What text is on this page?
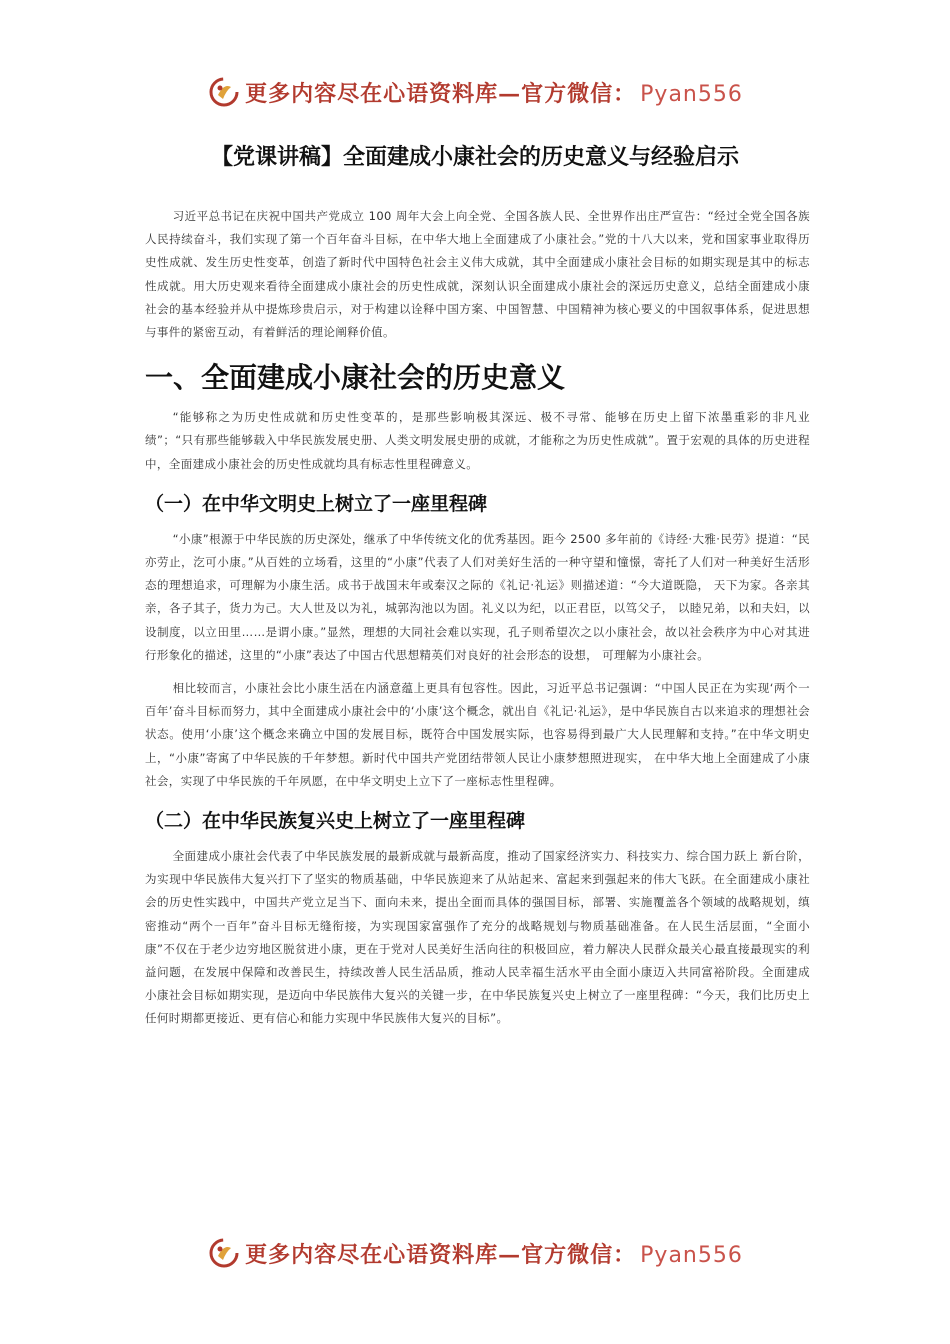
更多内容尽在心语资料库—官方微信： Pyan556
【党课讲稿】全面建成小康社会的历史意义与经验启示

习近平总书记在庆祝中国共产党成立 100 周年大会上向全党、全国各族人民、全世界作出庄严宣告：“经过全党全国各族人民持续奋斗，我们实现了第一个百年奋斗目标，在中华大地上全面建成了小康社会。”党的十八大以来，党和国家事业取得历史性成就、发生历史性变革，创造了新时代中国特色社会主义伟大成就，其中全面建成小康社会目标的如期实现是其中的标志性成就。用大历史观来看待全面建成小康社会的历史性成就，深刻认识全面建成小康社会的深远历史意义，总结全面建成小康社会的基本经验并从中提炼珍贵启示，对于构建以诠释中国方案、中国智慧、中国精神为核心要义的中国叙事体系，促进思想与事件的紧密互动，有着鲜活的理论阐释价值。

一、全面建成小康社会的历史意义

“能够称之为历史性成就和历史性变革的，是那些影响极其深远、极不寻常、能够在历史上留下浓墨重彩的非凡业绩”；“只有那些能够载入中华民族发展史册、人类文明发展史册的成就，才能称之为历史性成就”。置于宏观的具体的历史进程中，全面建成小康社会的历史性成就均具有标志性里程碑意义。

（一）在中华文明史上树立了一座里程碑

“小康”根源于中华民族的历史深处，继承了中华传统文化的优秀基因。距今 2500 多年前的《诗经·大雅·民劳》提道：“民亦劳止，汔可小康。”从百姓的立场看，这里的“小康”代表了人们对美好生活的一种守望和憧憬，寄托了人们对一种美好生活形态的理想追求，可理解为小康生活。成书于战国末年或秦汉之际的《礼记·礼运》则描述道：“今大道既隐， 天下为家。各亲其亲，各子其子，货力为己。大人世及以为礼，城郭沟池以为固。礼义以为纪，以正君臣，以笃父子， 以睦兄弟，以和夫妇，以设制度，以立田里……是谓小康。”显然，理想的大同社会难以实现，孔子则希望次之以小康社会，故以社会秩序为中心对其进行形象化的描述，这里的“小康”表达了中国古代思想精英们对良好的社会形态的设想， 可理解为小康社会。

相比较而言，小康社会比小康生活在内涵意蕴上更具有包容性。因此，习近平总书记强调：“中国人民正在为实现‘两个一百年’奋斗目标而努力，其中全面建成小康社会中的‘小康’这个概念，就出自《礼记·礼运》，是中华民族自古以来追求的理想社会状态。使用‘小康’这个概念来确立中国的发展目标，既符合中国发展实际，也容易得到最广大人民理解和支持。”在中华文明史上，“小康”寄寓了中华民族的千年梦想。新时代中国共产党团结带领人民让小康梦想照进现实， 在中华大地上全面建成了小康社会，实现了中华民族的千年夙愿，在中华文明史上立下了一座标志性里程碑。

（二）在中华民族复兴史上树立了一座里程碑

全面建成小康社会代表了中华民族发展的最新成就与最新高度，推动了国家经济实力、科技实力、综合国力跃上 新台阶，为实现中华民族伟大复兴打下了坚实的物质基础，中华民族迎来了从站起来、富起来到强起来的伟大飞跃。在全面建成小康社会的历史性实践中，中国共产党立足当下、面向未来，提出全面而具体的强国目标，部署、实施覆盖各个领域的战略规划，缜密推动“两个一百年”奋斗目标无缝衔接，为实现国家富强作了充分的战略规划与物质基础准备。在人民生活层面，“全面小康”不仅在于老少边穷地区脱贫进小康，更在于党对人民美好生活向往的积极回应，着力解决人民群众最关心最直接最现实的利益问题，在发展中保障和改善民生，持续改善人民生活品质，推动人民幸福生活水平由全面小康迈入共同富裕阶段。全面建成小康社会目标如期实现，是迈向中华民族伟大复兴的关键一步，在中华民族复兴史上树立了一座里程碑：“今天，我们比历史上任何时期都更接近、更有信心和能力实现中华民族伟大复兴的目标”。

更多内容尽在心语资料库—官方微信： Pyan556
